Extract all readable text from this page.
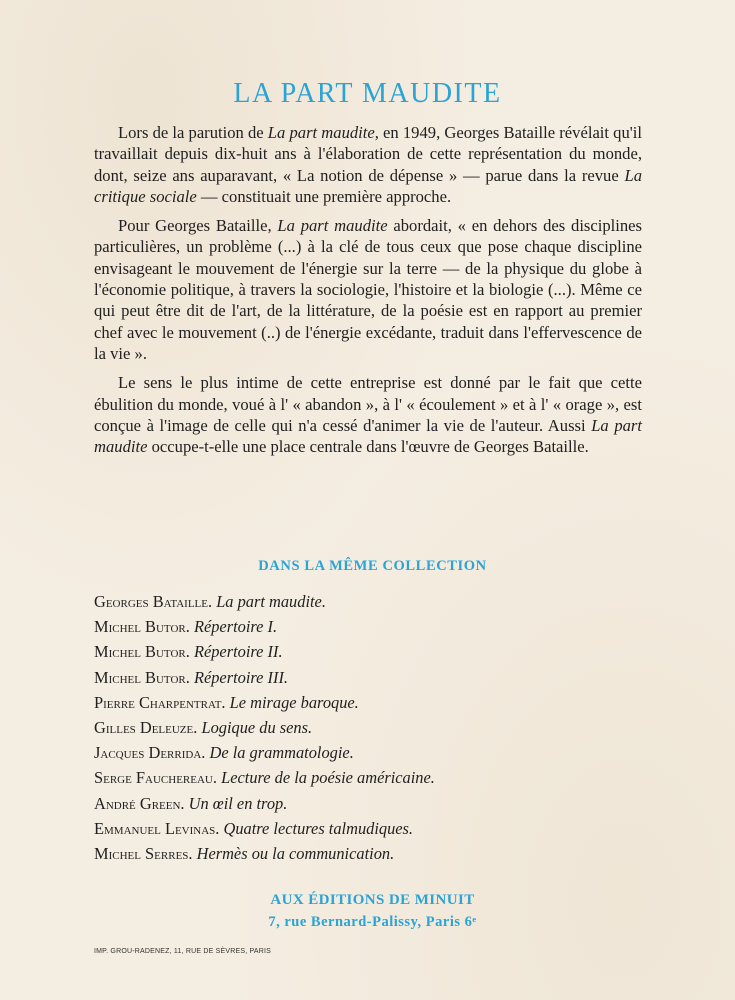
LA PART MAUDITE

Lors de la parution de La part maudite, en 1949, Georges Bataille révélait qu'il travaillait depuis dix-huit ans à l'élaboration de cette représentation du monde, dont, seize ans auparavant, « La notion de dépense » — parue dans la revue La critique sociale — constituait une première approche.

Pour Georges Bataille, La part maudite abordait, « en dehors des disciplines particulières, un problème (...) à la clé de tous ceux que pose chaque discipline envisageant le mouvement de l'énergie sur la terre — de la physique du globe à l'économie politique, à travers la sociologie, l'histoire et la biologie (...). Même ce qui peut être dit de l'art, de la littérature, de la poésie est en rapport au premier chef avec le mouvement (..) de l'énergie excédante, traduit dans l'effervescence de la vie ».

Le sens le plus intime de cette entreprise est donné par le fait que cette ébulition du monde, voué à l' « abandon », à l' « écoulement » et à l' « orage », est conçue à l'image de celle qui n'a cessé d'animer la vie de l'auteur. Aussi La part maudite occupe-t-elle une place centrale dans l'œuvre de Georges Bataille.

DANS LA MÊME COLLECTION
Georges Bataille. La part maudite.
Michel Butor. Répertoire I.
Michel Butor. Répertoire II.
Michel Butor. Répertoire III.
Pierre Charpentrat. Le mirage baroque.
Gilles Deleuze. Logique du sens.
Jacques Derrida. De la grammatologie.
Serge Fauchereau. Lecture de la poésie américaine.
André Green. Un œil en trop.
Emmanuel Levinas. Quatre lectures talmudiques.
Michel Serres. Hermès ou la communication.
AUX ÉDITIONS DE MINUIT
7, rue Bernard-Palissy, Paris 6ᵉ
IMP. GROU-RADENEZ, 11, RUE DE SÈVRES, PARIS
